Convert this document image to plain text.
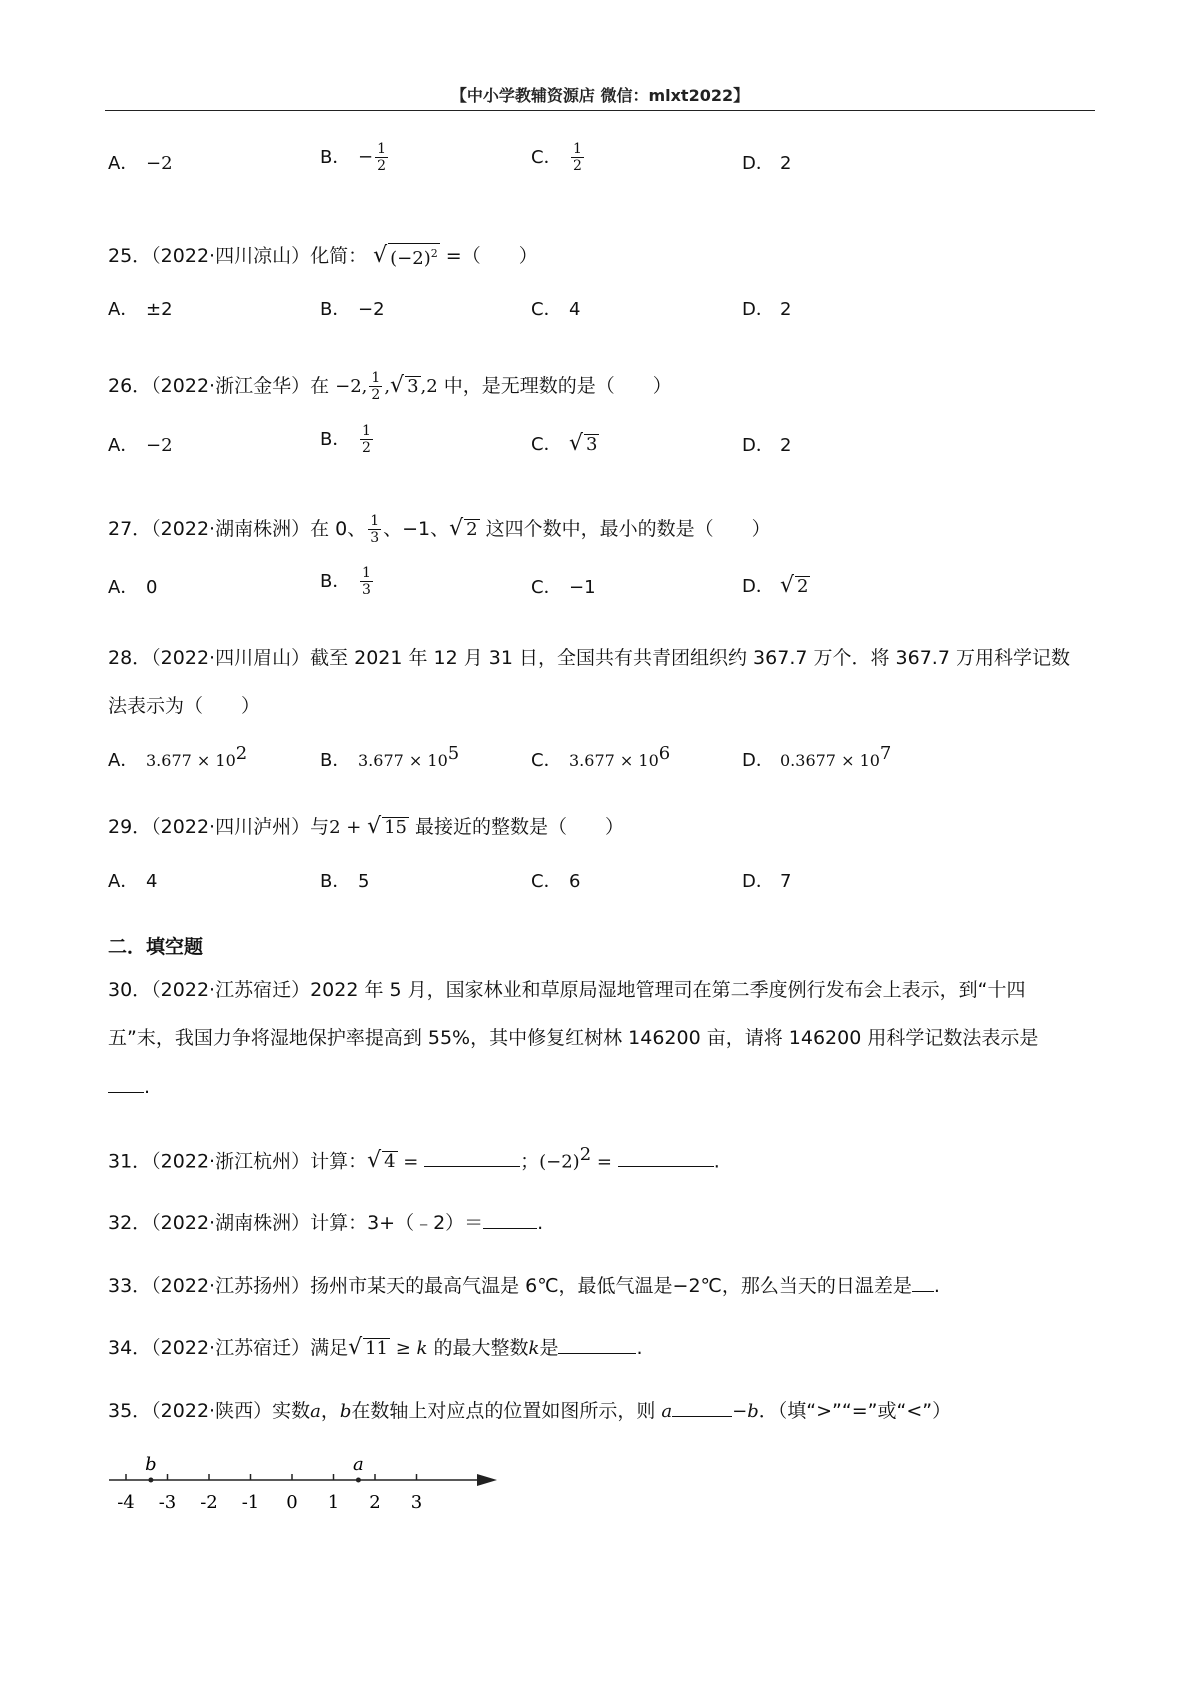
【中小学教辅资源店 微信：mlxt2022】
A． −2	B． − $\frac{1}{2}$	C． $\frac{1}{2}$	D． 2
25．（2022·四川凉山）化简： √ $(-2)^2$ =（　　）
A． ±2	B． −2	C． 4	D． 2
26．（2022·浙江金华）在 −2, $\frac{1}{2}$ , √ 3 ,2 中，是无理数的是（　　）
A． −2	B． $\frac{1}{2}$	C． √ 3	D． 2
27．（2022·湖南株洲）在 0、 $\frac{1}{3}$ 、−1、 √ 2 这四个数中，最小的数是（　　）
A． 0	B． $\frac{1}{3}$	C． −1	D． √ 2
28．（2022·四川眉山）截至 2021 年 12 月 31 日，全国共有共青团组织约 367.7 万个．将 367.7 万用科学记数
法表示为（　　）
A． $3.677 \times 10^2$	B． $3.677 \times 10^5$	C． $3.677 \times 10^6$	D． $0.3677 \times 10^7$
29．（2022·四川泸州）与2 + √ 15 最接近的整数是（　　）
A． 4	B． 5	C． 6	D． 7
二．填空题
30．（2022·江苏宿迁）2022 年 5 月，国家林业和草原局湿地管理司在第二季度例行发布会上表示，到“十四
五”末，我国力争将湿地保护率提高到 55%，其中修复红树林 146200 亩，请将 146200 用科学记数法表示是
.
31．（2022·浙江杭州）计算： √ 4 =	；$(-2)^2$ =	.
32．（2022·湖南株洲）计算：3+（﹣2）＝	.
33．（2022·江苏扬州）扬州市某天的最高气温是 6℃，最低气温是−2℃，那么当天的日温差是 .
34．（2022·江苏宿迁）满足 √ 11 ≥ k 的最大整数k是	.
35．（2022·陕西）实数a，b在数轴上对应点的位置如图所示，则 a	−b．（填“>”“=”或“<”）
-4 -3 -2 -1 0 1 2 3
b	a
